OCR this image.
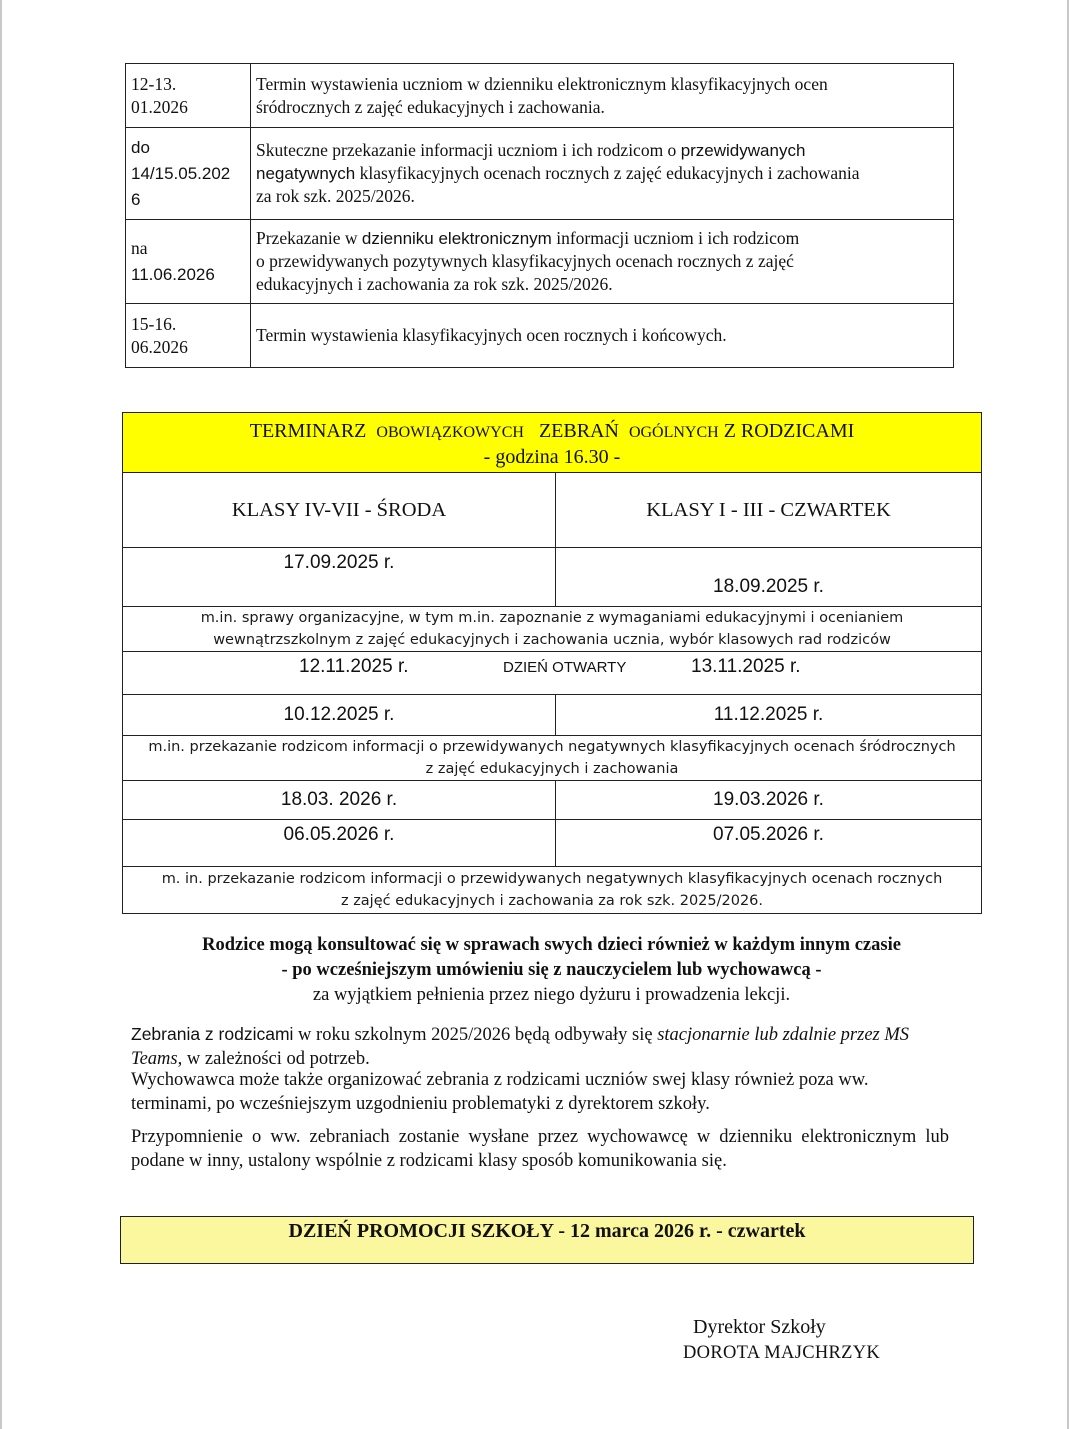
12-13.
01.2026	Termin wystawienia uczniom w dzienniku elektronicznym klasyfikacyjnych ocen
śródrocznych z zajęć edukacyjnych i zachowania.
do
14/15.05.202
6	Skuteczne przekazanie informacji uczniom i ich rodzicom o przewidywanych
negatywnych klasyfikacyjnych ocenach rocznych z zajęć edukacyjnych i zachowania
za rok szk. 2025/2026.
na
11.06.2026	Przekazanie w dzienniku elektronicznym informacji uczniom i ich rodzicom
o przewidywanych pozytywnych klasyfikacyjnych ocenach rocznych z zajęć
edukacyjnych i zachowania za rok szk. 2025/2026.
15-16.
06.2026	Termin wystawienia klasyfikacyjnych ocen rocznych i końcowych.
TERMINARZ OBOWIĄZKOWYCH ZEBRAŃ OGÓLNYCH Z RODZICAMI
- godzina 16.30 -	
KLASY IV-VII - ŚRODA	KLASY I - III - CZWARTEK
17.09.2025 r.	18.09.2025 r.
m.in. sprawy organizacyjne, w tym m.in. zapoznanie z wymaganiami edukacyjnymi i ocenianiem
wewnątrzszkolnym z zajęć edukacyjnych i zachowania ucznia, wybór klasowych rad rodziców	

12.11.2025 r. DZIEŃ OTWARTY 13.11.2025 r.	

10.12.2025 r.	11.12.2025 r.
m.in. przekazanie rodzicom informacji o przewidywanych negatywnych klasyfikacyjnych ocenach śródrocznych
z zajęć edukacyjnych i zachowania	
18.03. 2026 r.	19.03.2026 r.
06.05.2026 r.	07.05.2026 r.
m. in. przekazanie rodzicom informacji o przewidywanych negatywnych klasyfikacyjnych ocenach rocznych
z zajęć edukacyjnych i zachowania za rok szk. 2025/2026.	
Rodzice mogą konsultować się w sprawach swych dzieci również w każdym innym czasie
- po wcześniejszym umówieniu się z nauczycielem lub wychowawcą -
za wyjątkiem pełnienia przez niego dyżuru i prowadzenia lekcji.
Zebrania z rodzicami w roku szkolnym 2025/2026 będą odbywały się stacjonarnie lub zdalnie przez MS Teams, w zależności od potrzeb.
Wychowawca może także organizować zebrania z rodzicami uczniów swej klasy również poza ww. terminami, po wcześniejszym uzgodnieniu problematyki z dyrektorem szkoły.
Przypomnienie o ww. zebraniach zostanie wysłane przez wychowawcę w dzienniku elektronicznym lub podane w inny, ustalony wspólnie z rodzicami klasy sposób komunikowania się.
DZIEŃ PROMOCJI SZKOŁY - 12 marca 2026 r. - czwartek
Dyrektor Szkoły
DOROTA MAJCHRZYK
